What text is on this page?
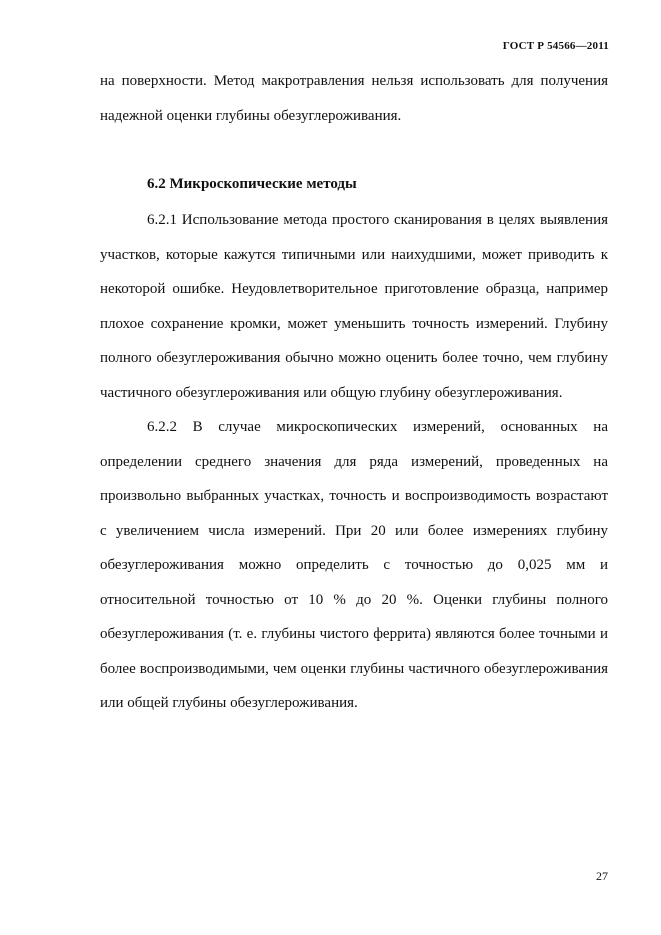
ГОСТ Р 54566—2011

на поверхности. Метод макротравления нельзя использовать для получения надежной оценки глубины обезуглероживания.

6.2 Микроскопические методы

6.2.1 Использование метода простого сканирования в целях выявления участков, которые кажутся типичными или наихудшими, может приводить к некоторой ошибке. Неудовлетворительное приготовление образца, например плохое сохранение кромки, может уменьшить точность измерений. Глубину полного обезуглероживания обычно можно оценить более точно, чем глубину частичного обезуглероживания или общую глубину обезуглероживания.

6.2.2 В случае микроскопических измерений, основанных на определении среднего значения для ряда измерений, проведенных на произвольно выбранных участках, точность и воспроизводимость возрастают с увеличением числа измерений. При 20 или более измерениях глубину обезуглероживания можно определить с точностью до 0,025 мм и относительной точностью от 10 % до 20 %. Оценки глубины полного обезуглероживания (т. е. глубины чистого феррита) являются более точными и более воспроизводимыми, чем оценки глубины частичного обезуглероживания или общей глубины обезуглероживания.

27
